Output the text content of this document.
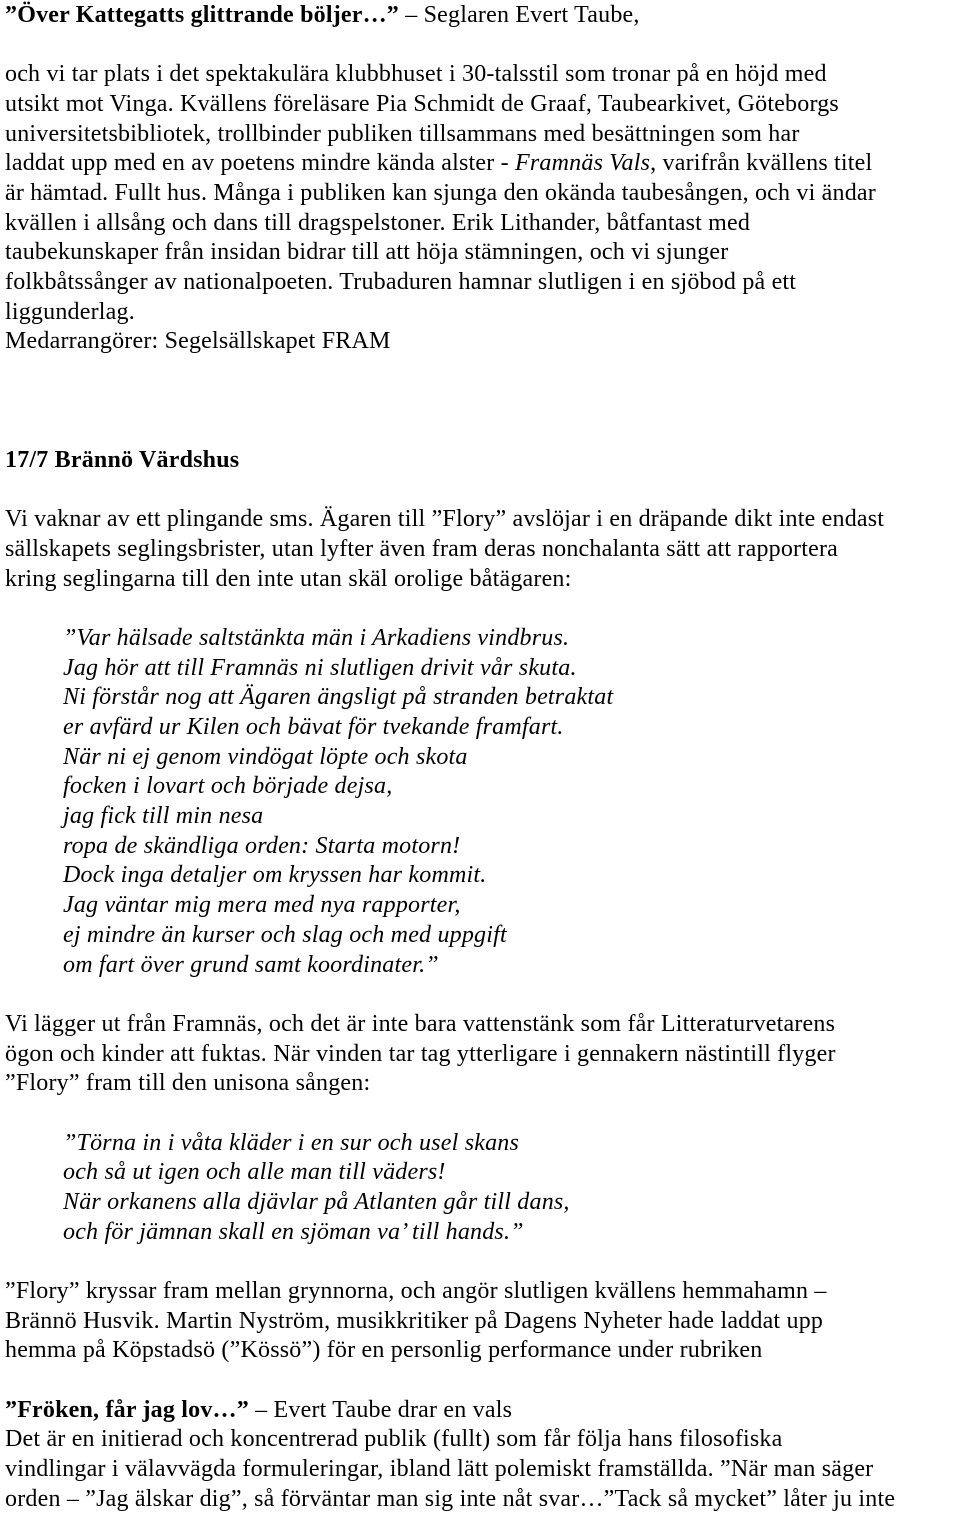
”Över Kattegatts glittrande böljer…” – Seglaren Evert Taube,
och vi tar plats i det spektakulära klubbhuset i 30-talsstil som tronar på en höjd med
utsikt mot Vinga. Kvällens föreläsare Pia Schmidt de Graaf, Taubearkivet, Göteborgs
universitetsbibliotek, trollbinder publiken tillsammans med besättningen som har
laddat upp med en av poetens mindre kända alster - Framnäs Vals, varifrån kvällens titel
är hämtad. Fullt hus. Många i publiken kan sjunga den okända taubesången, och vi ändar
kvällen i allsång och dans till dragspelstoner. Erik Lithander, båtfantast med
taubekunskaper från insidan bidrar till att höja stämningen, och vi sjunger
folkbåtssånger av nationalpoeten. Trubaduren hamnar slutligen i en sjöbod på ett
liggunderlag.
Medarrangörer: Segelsällskapet FRAM
17/7 Brännö Värdshus
Vi vaknar av ett plingande sms. Ägaren till ”Flory” avslöjar i en dräpande dikt inte endast
sällskapets seglingsbrister, utan lyfter även fram deras nonchalanta sätt att rapportera
kring seglingarna till den inte utan skäl orolige båtägaren:
”Var hälsade saltstänkta män i Arkadiens vindbrus.
Jag hör att till Framnäs ni slutligen drivit vår skuta.
Ni förstår nog att Ägaren ängsligt på stranden betraktat
er avfärd ur Kilen och bävat för tvekande framfart.
När ni ej genom vindögat löpte och skota
focken i lovart och började dejsa,
jag fick till min nesa
ropa de skändliga orden: Starta motorn!
Dock inga detaljer om kryssen har kommit.
Jag väntar mig mera med nya rapporter,
ej mindre än kurser och slag och med uppgift
om fart över grund samt koordinater.”
Vi lägger ut från Framnäs, och det är inte bara vattenstänk som får Litteraturvetarens
ögon och kinder att fuktas. När vinden tar tag ytterligare i gennakern nästintill flyger
”Flory” fram till den unisona sången:
”Törna in i våta kläder i en sur och usel skans
och så ut igen och alle man till väders!
När orkanens alla djävlar på Atlanten går till dans,
och för jämnan skall en sjöman va’ till hands.”
”Flory” kryssar fram mellan grynnorna, och angör slutligen kvällens hemmahamn –
Brännö Husvik. Martin Nyström, musikkritiker på Dagens Nyheter hade laddat upp
hemma på Köpstadsö (”Kössö”) för en personlig performance under rubriken
”Fröken, får jag lov…” – Evert Taube drar en vals
Det är en initierad och koncentrerad publik (fullt) som får följa hans filosofiska
vindlingar i välavvägda formuleringar, ibland lätt polemiskt framställda. ”När man säger
orden – ”Jag älskar dig”, så förväntar man sig inte nåt svar…”Tack så mycket” låter ju inte
